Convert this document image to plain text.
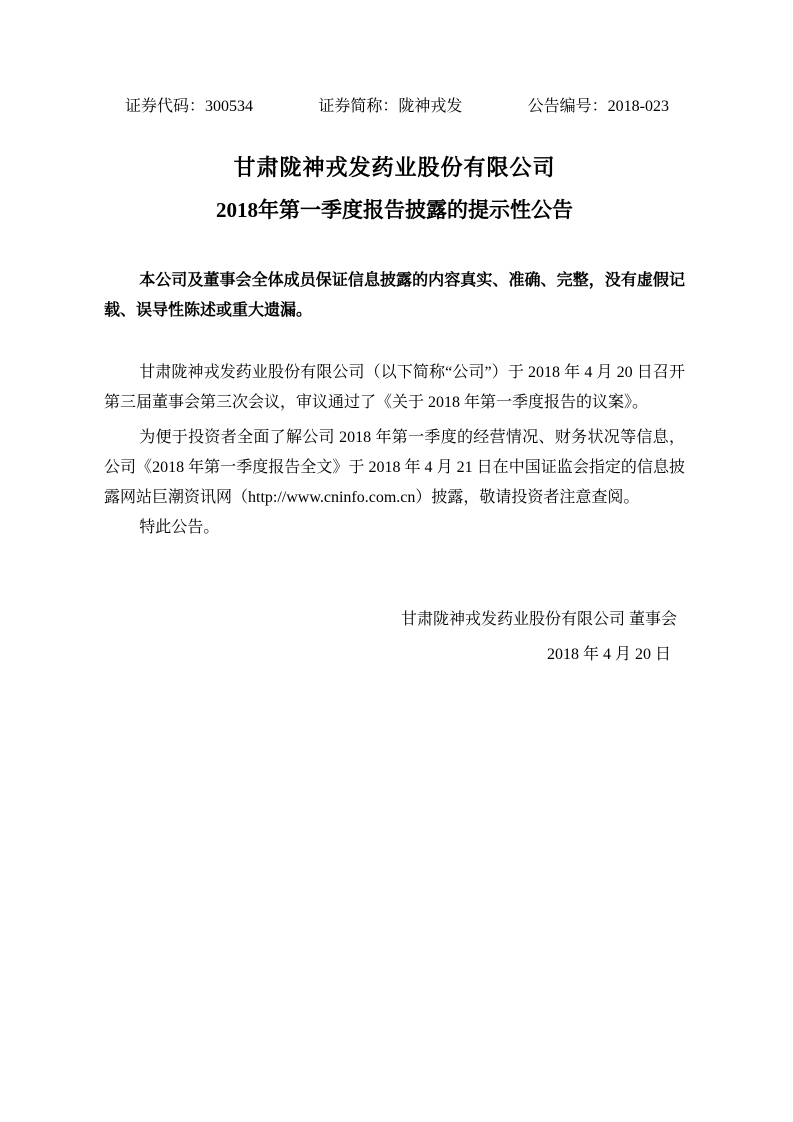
证券代码：300534	证券简称：陇神戎发	公告编号：2018-023
甘肃陇神戎发药业股份有限公司
2018年第一季度报告披露的提示性公告

本公司及董事会全体成员保证信息披露的内容真实、准确、完整，没有虚假记载、误导性陈述或重大遗漏。

甘肃陇神戎发药业股份有限公司（以下简称“公司”）于 2018 年 4 月 20 日召开第三届董事会第三次会议，审议通过了《关于 2018 年第一季度报告的议案》。

为便于投资者全面了解公司 2018 年第一季度的经营情况、财务状况等信息，公司《2018 年第一季度报告全文》于 2018 年 4 月 21 日在中国证监会指定的信息披露网站巨潮资讯网（http://www.cninfo.com.cn）披露，敬请投资者注意查阅。

特此公告。

甘肃陇神戎发药业股份有限公司 董事会
2018 年 4 月 20 日
